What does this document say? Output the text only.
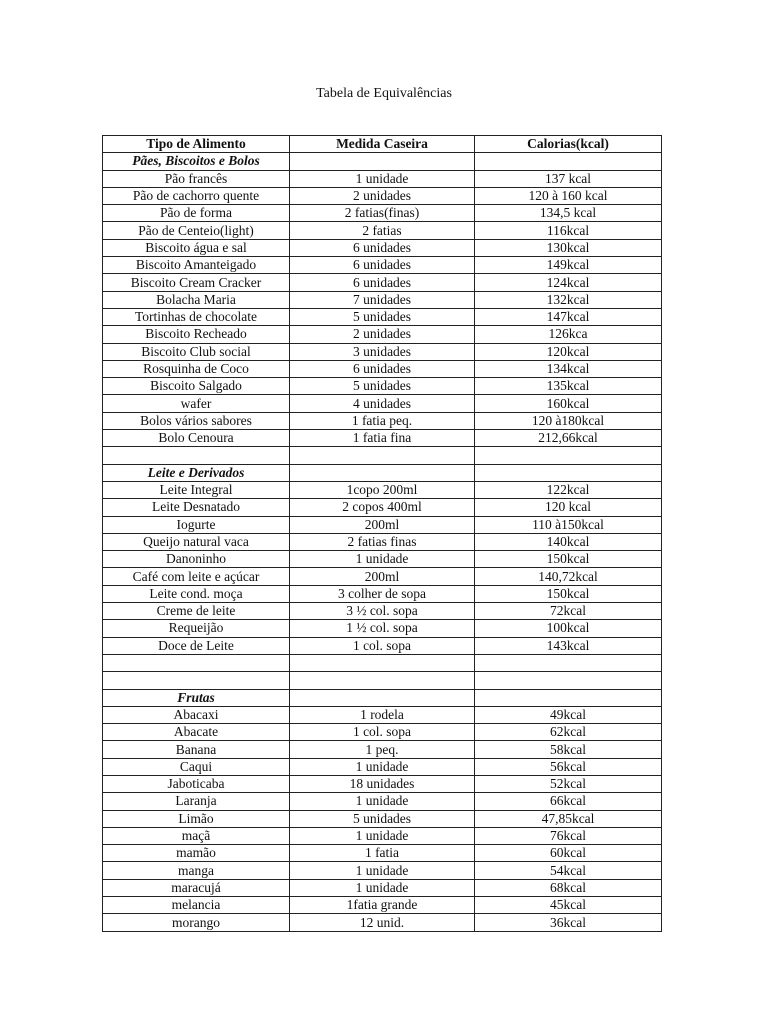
Tabela de Equivalências
Tipo de Alimento	Medida Caseira	Calorias(kcal)
Pães, Biscoitos e Bolos		
Pão francês	1 unidade	137 kcal
Pão de cachorro quente	2 unidades	120 à 160 kcal
Pão de forma	2 fatias(finas)	134,5 kcal
Pão de Centeio(light)	2 fatias	116kcal
Biscoito água e sal	6 unidades	130kcal
Biscoito Amanteigado	6 unidades	149kcal
Biscoito Cream Cracker	6 unidades	124kcal
Bolacha Maria	7 unidades	132kcal
Tortinhas de chocolate	5 unidades	147kcal
Biscoito Recheado	2 unidades	126kca
Biscoito Club social	3 unidades	120kcal
Rosquinha de Coco	6 unidades	134kcal
Biscoito Salgado	5 unidades	135kcal
wafer	4 unidades	160kcal
Bolos vários sabores	1 fatia peq.	120 à180kcal
Bolo Cenoura	1 fatia fina	212,66kcal

Leite e Derivados		
Leite Integral	1copo 200ml	122kcal
Leite Desnatado	2 copos 400ml	120 kcal
Iogurte	200ml	110 à150kcal
Queijo natural vaca	2 fatias finas	140kcal
Danoninho	1 unidade	150kcal
Café com leite e açúcar	200ml	140,72kcal
Leite cond. moça	3 colher de sopa	150kcal
Creme de leite	3 ½ col. sopa	72kcal
Requeijão	1 ½ col. sopa	100kcal
Doce de Leite	1 col. sopa	143kcal

Frutas		
Abacaxi	1 rodela	49kcal
Abacate	1 col. sopa	62kcal
Banana	1 peq.	58kcal
Caqui	1 unidade	56kcal
Jaboticaba	18 unidades	52kcal
Laranja	1 unidade	66kcal
Limão	5 unidades	47,85kcal
maçã	1 unidade	76kcal
mamão	1 fatia	60kcal
manga	1 unidade	54kcal
maracujá	1 unidade	68kcal
melancia	1fatia grande	45kcal
morango	12 unid.	36kcal
